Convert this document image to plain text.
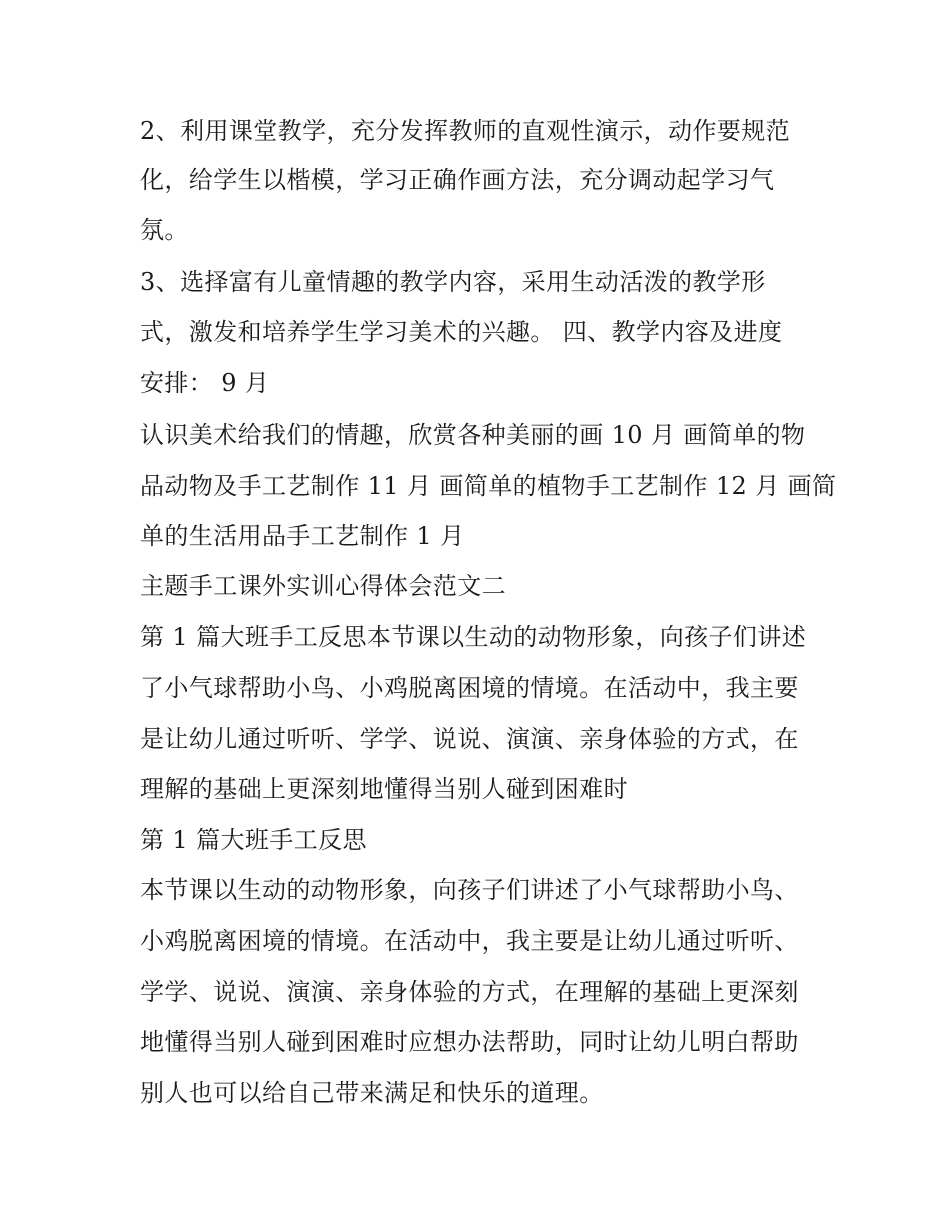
2、利用课堂教学，充分发挥教师的直观性演示，动作要规范
化，给学生以楷模，学习正确作画方法，充分调动起学习气
氛。
3、选择富有儿童情趣的教学内容，采用生动活泼的教学形
式，激发和培养学生学习美术的兴趣。 四、教学内容及进度
安排： 9 月
认识美术给我们的情趣，欣赏各种美丽的画 10 月 画简单的物
品动物及手工艺制作 11 月 画简单的植物手工艺制作 12 月 画简
单的生活用品手工艺制作 1 月
主题手工课外实训心得体会范文二
第 1 篇大班手工反思本节课以生动的动物形象，向孩子们讲述
了小气球帮助小鸟、小鸡脱离困境的情境。在活动中，我主要
是让幼儿通过听听、学学、说说、演演、亲身体验的方式，在
理解的基础上更深刻地懂得当别人碰到困难时
第 1 篇大班手工反思
本节课以生动的动物形象，向孩子们讲述了小气球帮助小鸟、
小鸡脱离困境的情境。在活动中，我主要是让幼儿通过听听、
学学、说说、演演、亲身体验的方式，在理解的基础上更深刻
地懂得当别人碰到困难时应想办法帮助，同时让幼儿明白帮助
别人也可以给自己带来满足和快乐的道理。
